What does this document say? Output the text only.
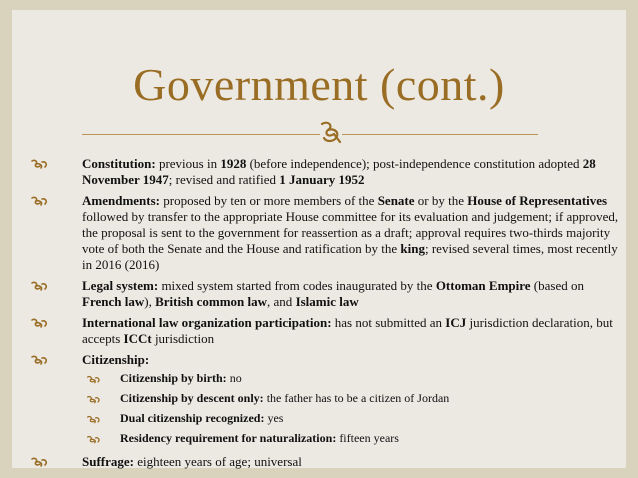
Government (cont.)
Constitution: previous in 1928 (before independence); post-independence constitution adopted 28 November 1947; revised and ratified 1 January 1952
Amendments: proposed by ten or more members of the Senate or by the House of Representatives followed by transfer to the appropriate House committee for its evaluation and judgement; if approved, the proposal is sent to the government for reassertion as a draft; approval requires two-thirds majority vote of both the Senate and the House and ratification by the king; revised several times, most recently in 2016 (2016)
Legal system: mixed system started from codes inaugurated by the Ottoman Empire (based on French law), British common law, and Islamic law
International law organization participation: has not submitted an ICJ jurisdiction declaration, but accepts ICCt jurisdiction
Citizenship:
Citizenship by birth: no
Citizenship by descent only: the father has to be a citizen of Jordan
Dual citizenship recognized: yes
Residency requirement for naturalization: fifteen years
Suffrage: eighteen years of age; universal
